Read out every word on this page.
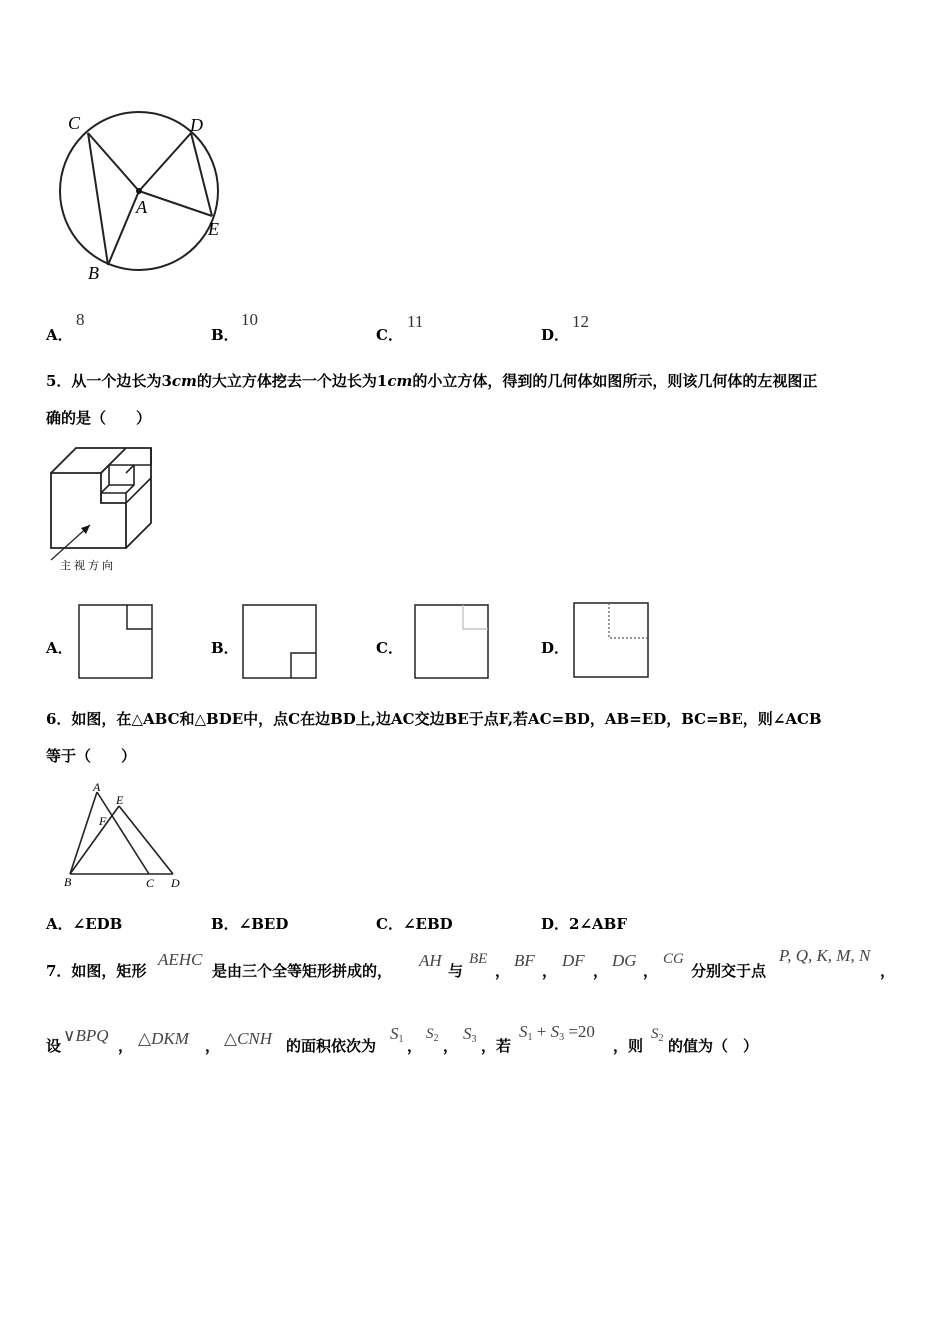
C	D
A
E
B
A．
8
B．
10
C．
11
D．
12
5．从一个边长为3cm的大立方体挖去一个边长为1cm的小立方体，得到的几何体如图所示，则该几何体的左视图正
确的是（　　）
主视方向
A．	B．	C．	D．
6．如图，在△ABC和△BDE中，点C在边BD上,边AC交边BE于点F,若AC=BD，AB=ED，BC=BE，则∠ACB
等于（　　）
A
E
F
B	C D
A．∠EDB	B．∠BED	C．∠EBD	D．2∠ABF
7．如图，矩形
AEHC
是由三个全等矩形拼成的，
AH
与
BE
，
BF
，
DF
，
DG
，
CG
分别交于点
P, Q, K, M, N
，
设
∨BPQ
， △DKM ， △CNH 的面积依次为
$S_1$ ，
$S_2$ ，
$S_3$ ，若
$S_1 + S_3 =20$
，则
$S_2$ 的值为（　）
